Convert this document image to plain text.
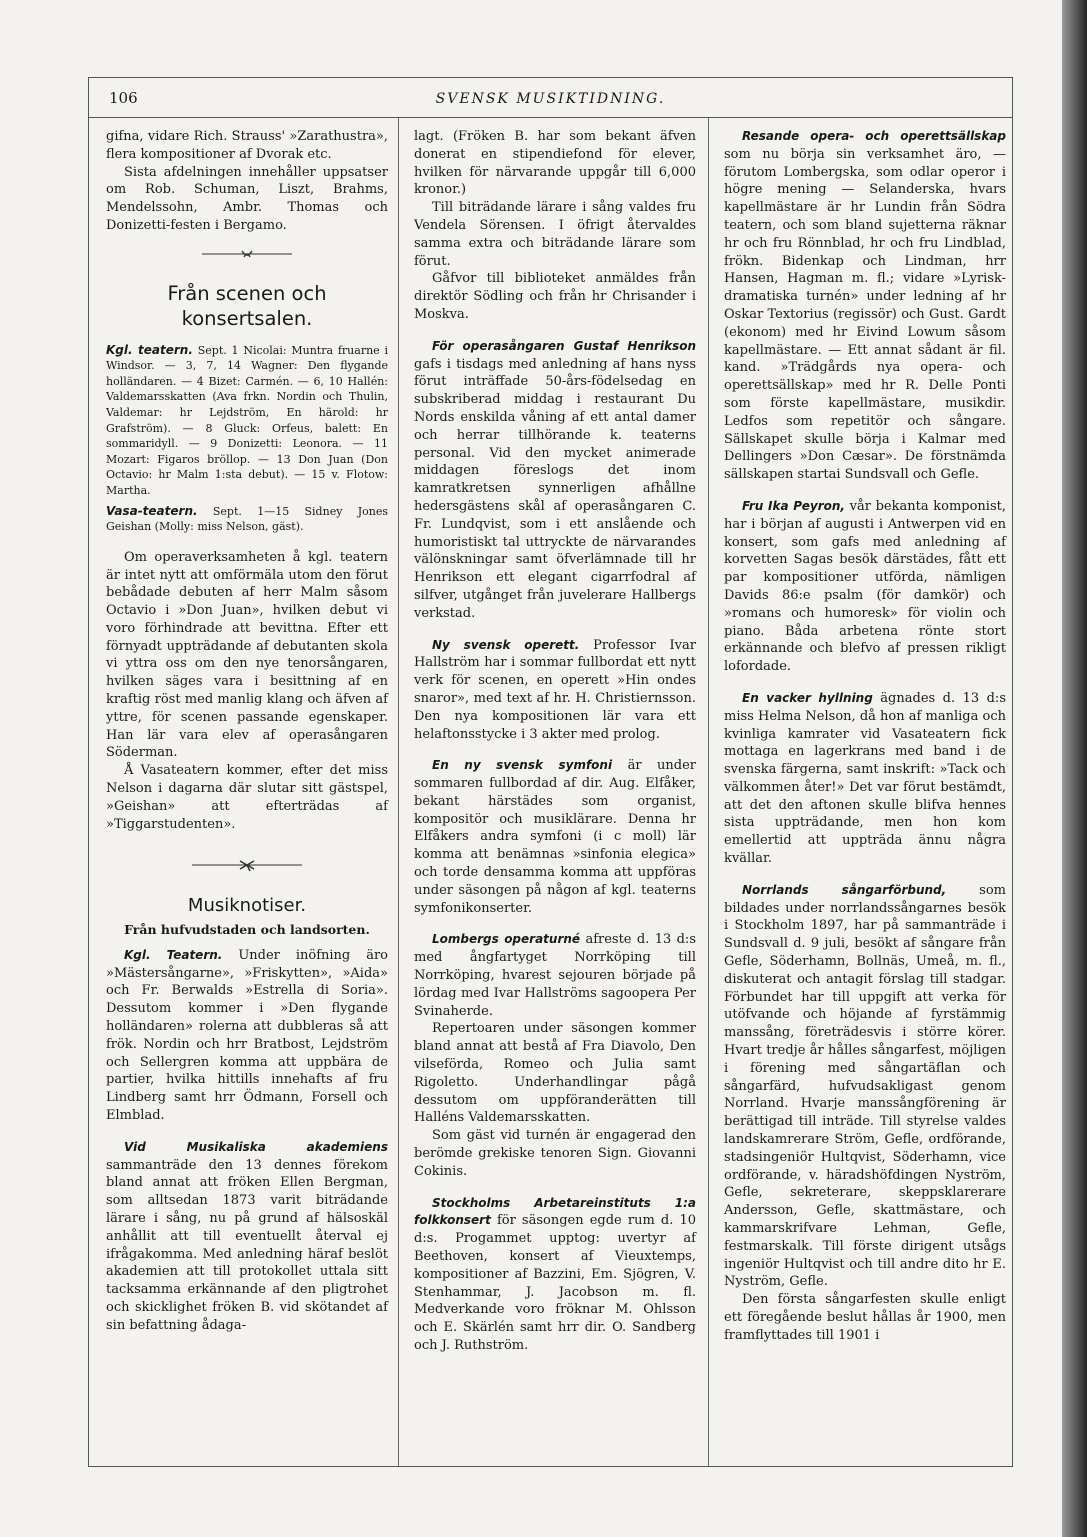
106	SVENSK MUSIKTIDNING.

gifna, vidare Rich. Strauss' »Zarathustra», flera kompositioner af Dvorak etc.

Sista afdelningen innehåller uppsatser om Rob. Schuman, Liszt, Brahms, Mendelssohn, Ambr. Thomas och Donizetti-festen i Bergamo.

Från scenen och konsertsalen.

Kgl. teatern. Sept. 1 Nicolai: Muntra fruarne i Windsor. — 3, 7, 14 Wagner: Den flygande holländaren. — 4 Bizet: Carmén. — 6, 10 Hallén: Valdemarsskatten (Ava frkn. Nordin och Thulin, Valdemar: hr Lejdström, En härold: hr Grafström). — 8 Gluck: Orfeus, balett: En sommaridyll. — 9 Donizetti: Leonora. — 11 Mozart: Figaros bröllop. — 13 Don Juan (Don Octavio: hr Malm 1:sta debut). — 15 v. Flotow: Martha.

Vasa-teatern. Sept. 1—15 Sidney Jones Geishan (Molly: miss Nelson, gäst).

Om operaverksamheten å kgl. teatern är intet nytt att omförmäla utom den förut bebådade debuten af herr Malm såsom Octavio i »Don Juan», hvilken debut vi voro förhindrade att bevittna. Efter ett förnyadt uppträdande af debutanten skola vi yttra oss om den nye tenorsångaren, hvilken säges vara i besittning af en kraftig röst med manlig klang och äfven af yttre, för scenen passande egenskaper. Han lär vara elev af operasångaren Söderman.

Å Vasateatern kommer, efter det miss Nelson i dagarna där slutar sitt gästspel, »Geishan» att efterträdas af »Tiggarstudenten».

Musiknotiser.
Från hufvudstaden och landsorten.

Kgl. Teatern. Under inöfning äro »Mästersångarne», »Friskytten», »Aida» och Fr. Berwalds »Estrella di Soria». Dessutom kommer i »Den flygande holländaren» rolerna att dubbleras så att frök. Nordin och hrr Bratbost, Lejdström och Sellergren komma att uppbära de partier, hvilka hittills innehafts af fru Lindberg samt hrr Ödmann, Forsell och Elmblad.

Vid Musikaliska akademiens sammanträde den 13 dennes förekom bland annat att fröken Ellen Bergman, som alltsedan 1873 varit biträdande lärare i sång, nu på grund af hälsoskäl anhållit att till eventuellt återval ej ifrågakomma. Med anledning häraf beslöt akademien att till protokollet uttala sitt tacksamma erkännande af den pligtrohet och skicklighet fröken B. vid skötandet af sin befattning ådaga-

lagt. (Fröken B. har som bekant äfven donerat en stipendiefond för elever, hvilken för närvarande uppgår till 6,000 kronor.)

Till biträdande lärare i sång valdes fru Vendela Sörensen. I öfrigt återvaldes samma extra och biträdande lärare som förut.

Gåfvor till biblioteket anmäldes från direktör Södling och från hr Chrisander i Moskva.

För operasångaren Gustaf Henrikson gafs i tisdags med anledning af hans nyss förut inträffade 50-års-födelsedag en subskriberad middag i restaurant Du Nords enskilda våning af ett antal damer och herrar tillhörande k. teaterns personal. Vid den mycket animerade middagen föreslogs det inom kamratkretsen synnerligen afhållne hedersgästens skål af operasångaren C. Fr. Lundqvist, som i ett anslående och humoristiskt tal uttryckte de närvarandes välönskningar samt öfverlämnade till hr Henrikson ett elegant cigarrfodral af silfver, utgånget från juvelerare Hallbergs verkstad.

Ny svensk operett. Professor Ivar Hallström har i sommar fullbordat ett nytt verk för scenen, en operett »Hin ondes snaror», med text af hr. H. Christiernsson. Den nya kompositionen lär vara ett helaftonsstycke i 3 akter med prolog.

En ny svensk symfoni är under sommaren fullbordad af dir. Aug. Elfåker, bekant härstädes som organist, kompositör och musiklärare. Denna hr Elfåkers andra symfoni (i c moll) lär komma att benämnas »sinfonia elegica» och torde densamma komma att uppföras under säsongen på någon af kgl. teaterns symfonikonserter.

Lombergs operaturné afreste d. 13 d:s med ångfartyget Norrköping till Norrköping, hvarest sejouren började på lördag med Ivar Hallströms sagoopera Per Svinaherde.

Repertoaren under säsongen kommer bland annat att bestå af Fra Diavolo, Den vilseförda, Romeo och Julia samt Rigoletto. Underhandlingar pågå dessutom om uppföranderätten till Halléns Valdemarsskatten.

Som gäst vid turnén är engagerad den berömde grekiske tenoren Sign. Giovanni Cokinis.

Stockholms Arbetareinstituts 1:a folkkonsert för säsongen egde rum d. 10 d:s. Progammet upptog: uvertyr af Beethoven, konsert af Vieuxtemps, kompositioner af Bazzini, Em. Sjögren, V. Stenhammar, J. Jacobson m. fl. Medverkande voro fröknar M. Ohlsson och E. Skärlén samt hrr dir. O. Sandberg och J. Ruthström.

Resande opera- och operettsällskap som nu börja sin verksamhet äro, — förutom Lombergska, som odlar operor i högre mening — Selanderska, hvars kapellmästare är hr Lundin från Södra teatern, och som bland sujetterna räknar hr och fru Rönnblad, hr och fru Lindblad, frökn. Bidenkap och Lindman, hrr Hansen, Hagman m. fl.; vidare »Lyrisk- dramatiska turnén» under ledning af hr Oskar Textorius (regissör) och Gust. Gardt (ekonom) med hr Eivind Lowum såsom kapellmästare. — Ett annat sådant är fil. kand. »Trädgårds nya opera- och operettsällskap» med hr R. Delle Ponti som förste kapellmästare, musikdir. Ledfos som repetitör och sångare. Sällskapet skulle börja i Kalmar med Dellingers »Don Cæsar». De förstnämda sällskapen startai Sundsvall och Gefle.

Fru Ika Peyron, vår bekanta komponist, har i början af augusti i Antwerpen vid en konsert, som gafs med anledning af korvetten Sagas besök därstädes, fått ett par kompositioner utförda, nämligen Davids 86:e psalm (för damkör) och »romans och humoresk» för violin och piano. Båda arbetena rönte stort erkännande och blefvo af pressen rikligt lofordade.

En vacker hyllning ägnades d. 13 d:s miss Helma Nelson, då hon af manliga och kvinliga kamrater vid Vasateatern fick mottaga en lagerkrans med band i de svenska färgerna, samt inskrift: »Tack och välkommen åter!» Det var förut bestämdt, att det den aftonen skulle blifva hennes sista uppträdande, men hon kom emellertid att uppträda ännu några kvällar.

Norrlands sångarförbund,	som bildades under norrlandssångarnes besök i Stockholm 1897, har på sammanträde i Sundsvall d. 9 juli, besökt af sångare från Gefle, Söderhamn, Bollnäs, Umeå, m. fl., diskuterat och antagit förslag till stadgar. Förbundet har till uppgift att verka för utöfvande och höjande af fyrstämmig manssång, företrädesvis i större körer. Hvart tredje år hålles sångarfest, möjligen i förening med sångartäflan och sångarfärd, hufvudsakligast genom Norrland. Hvarje manssångförening är berättigad till inträde. Till styrelse valdes landskamrerare Ström, Gefle, ordförande, stadsingeniör Hultqvist, Söderhamn, vice ordförande, v. häradshöfdingen Nyström, Gefle, sekreterare, skeppsklarerare Andersson, Gefle, skattmästare, och kammarskrifvare Lehman, Gefle, festmarskalk. Till förste dirigent utsågs ingeniör Hultqvist och till andre dito hr E. Nyström, Gefle.

Den första sångarfesten skulle enligt ett föregående beslut hållas år 1900, men framflyttades till 1901 i
